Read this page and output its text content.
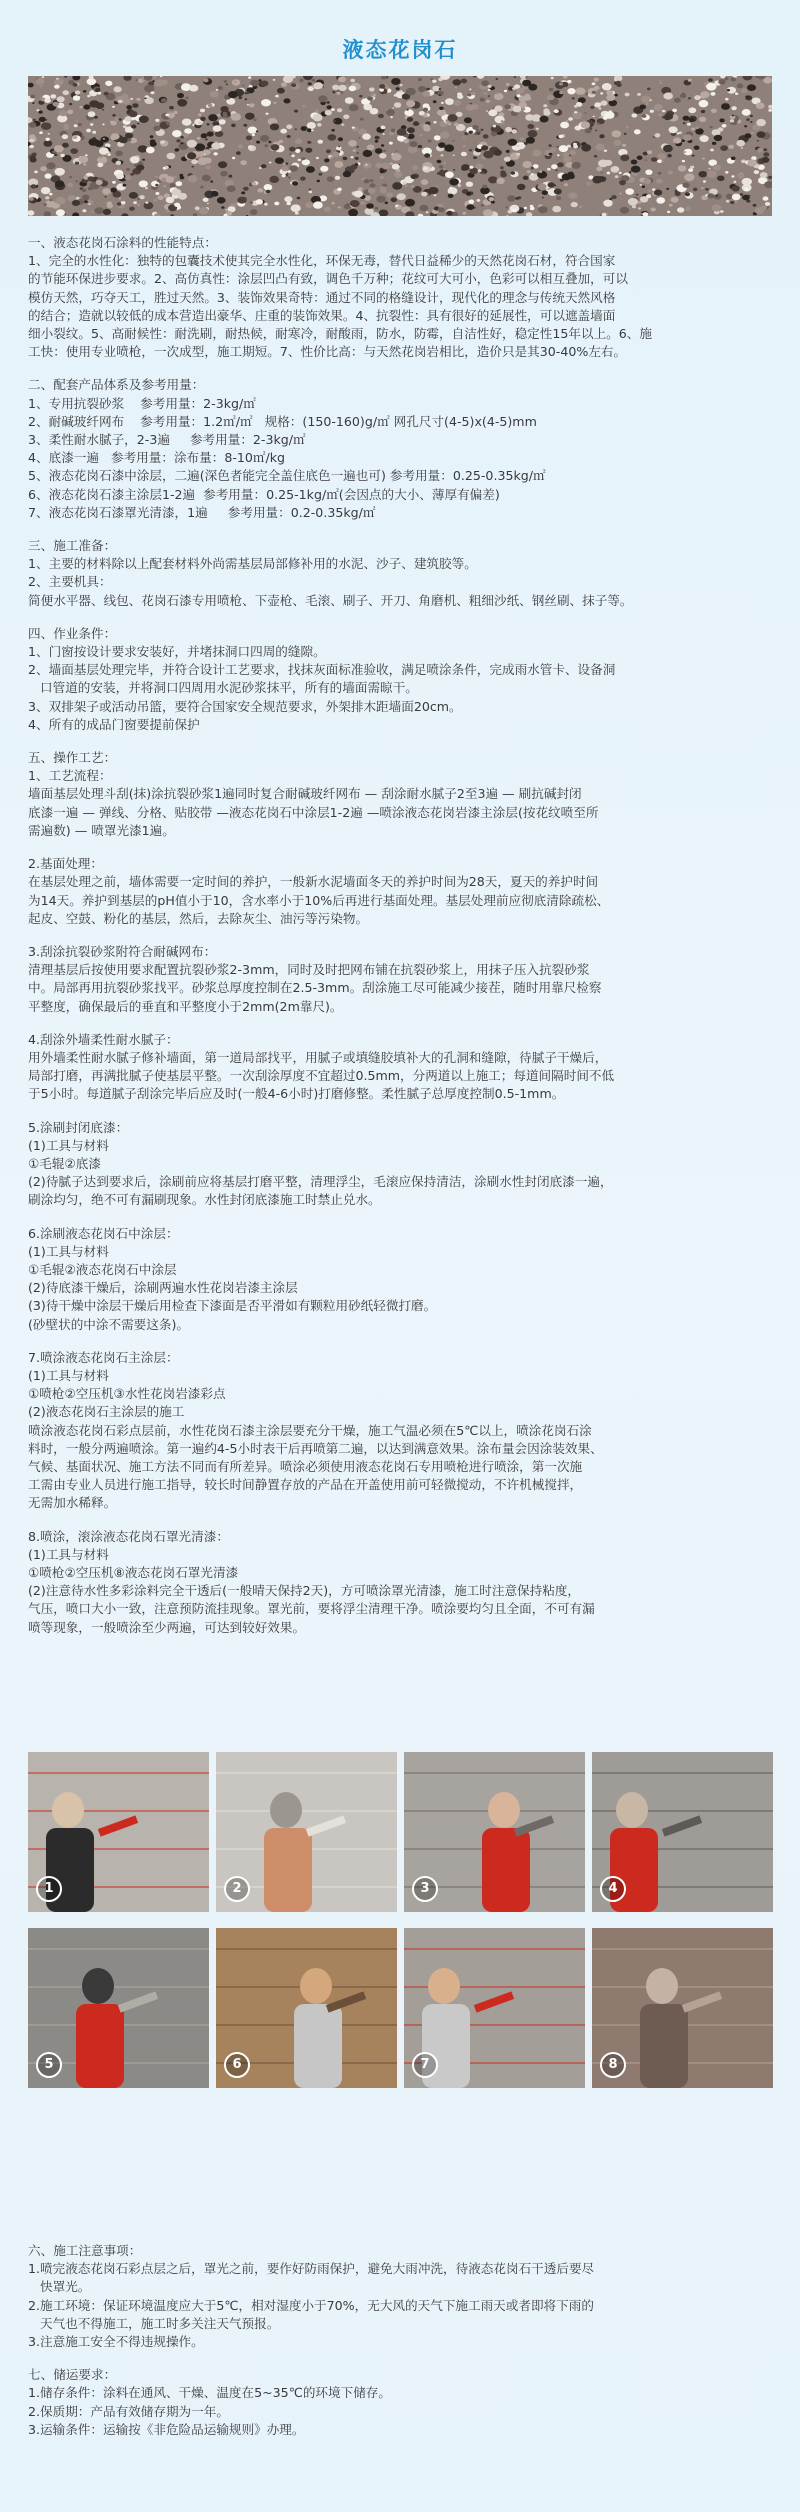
液态花岗石

一、液态花岗石涂料的性能特点：

1、完全的水性化：独特的包囊技术使其完全水性化，环保无毒，替代日益稀少的天然花岗石材，符合国家

的节能环保进步要求。2、高仿真性：涂层凹凸有致，调色千万种；花纹可大可小，色彩可以相互叠加，可以

模仿天然，巧夺天工，胜过天然。3、装饰效果奇特：通过不同的格缝设计，现代化的理念与传统天然风格

的结合；造就以较低的成本营造出豪华、庄重的装饰效果。4、抗裂性：具有很好的延展性，可以遮盖墙面

细小裂纹。5、高耐候性：耐洗刷，耐热候，耐寒冷，耐酸雨，防水，防霉，自洁性好，稳定性15年以上。6、施

工快：使用专业喷枪，一次成型，施工期短。7、性价比高：与天然花岗岩相比，造价只是其30-40%左右。

二、配套产品体系及参考用量：

1、专用抗裂砂浆    参考用量：2-3kg/㎡

2、耐碱玻纤网布    参考用量：1.2㎡/㎡   规格：(150-160)g/㎡ 网孔尺寸(4-5)x(4-5)mm

3、柔性耐水腻子，2-3遍     参考用量：2-3kg/㎡

4、底漆一遍   参考用量：涂布量：8-10㎡/kg

5、液态花岗石漆中涂层，二遍(深色者能完全盖住底色一遍也可) 参考用量：0.25-0.35kg/㎡

6、液态花岗石漆主涂层1-2遍  参考用量：0.25-1kg/㎡(会因点的大小、薄厚有偏差)

7、液态花岗石漆罩光清漆，1遍     参考用量：0.2-0.35kg/㎡

三、施工准备：

1、主要的材料除以上配套材料外尚需基层局部修补用的水泥、沙子、建筑胶等。

2、主要机具：

简便水平器、线包、花岗石漆专用喷枪、下壶枪、毛滚、刷子、开刀、角磨机、粗细沙纸、钢丝刷、抹子等。

四、作业条件：

1、门窗按设计要求安装好，并堵抹洞口四周的缝隙。

2、墙面基层处理完毕，并符合设计工艺要求，找抹灰面标准验收，满足喷涂条件，完成雨水管卡、设备洞

口管道的安装，并将洞口四周用水泥砂浆抹平，所有的墙面需晾干。

3、双排架子或活动吊篮，要符合国家安全规范要求，外架排木距墙面20cm。

4、所有的成品门窗要提前保护

五、操作工艺：

1、工艺流程：

墙面基层处理斗刮(抹)涂抗裂砂浆1遍同时复合耐碱玻纤网布 — 刮涂耐水腻子2至3遍 — 刷抗碱封闭

底漆一遍 — 弹线、分格、贴胶带 —液态花岗石中涂层1-2遍 —喷涂液态花岗岩漆主涂层(按花纹喷至所

需遍数) — 喷罩光漆1遍。

2.基面处理：

在基层处理之前，墙体需要一定时间的养护，一般新水泥墙面冬天的养护时间为28天，夏天的养护时间

为14天。养护到基层的pH值小于10，含水率小于10%后再进行基面处理。基层处理前应彻底清除疏松、

起皮、空鼓、粉化的基层，然后，去除灰尘、油污等污染物。

3.刮涂抗裂砂浆附符合耐碱网布：

清理基层后按使用要求配置抗裂砂浆2-3mm，同时及时把网布铺在抗裂砂浆上，用抹子压入抗裂砂浆

中。局部再用抗裂砂浆找平。砂浆总厚度控制在2.5-3mm。刮涂施工尽可能减少接茬，随时用靠尺检察

平整度，确保最后的垂直和平整度小于2mm(2m靠尺)。

4.刮涂外墙柔性耐水腻子：

用外墙柔性耐水腻子修补墙面，第一道局部找平，用腻子或填缝胶填补大的孔洞和缝隙，待腻子干燥后，

局部打磨，再满批腻子使基层平整。一次刮涂厚度不宜超过0.5mm，分两道以上施工；每道间隔时间不低

于5小时。每道腻子刮涂完毕后应及时(一般4-6小时)打磨修整。柔性腻子总厚度控制0.5-1mm。

5.涂刷封闭底漆：

(1)工具与材料

①毛辊②底漆

(2)待腻子达到要求后，涂刷前应将基层打磨平整，清理浮尘，毛滚应保持清洁，涂刷水性封闭底漆一遍，

刷涂均匀，绝不可有漏刷现象。水性封闭底漆施工时禁止兑水。

6.涂刷液态花岗石中涂层：

(1)工具与材料

①毛辊②液态花岗石中涂层

(2)待底漆干燥后，涂刷两遍水性花岗岩漆主涂层

(3)待干燥中涂层干燥后用检查下漆面是否平滑如有颗粒用砂纸轻微打磨。

(砂壁状的中涂不需要这条)。

7.喷涂液态花岗石主涂层：

(1)工具与材料

①喷枪②空压机③水性花岗岩漆彩点

(2)液态花岗石主涂层的施工

喷涂液态花岗石彩点层前，水性花岗石漆主涂层要充分干燥，施工气温必须在5℃以上，喷涂花岗石涂

料时，一般分两遍喷涂。第一遍约4-5小时表干后再喷第二遍，以达到满意效果。涂布量会因涂装效果、

气候、基面状况、施工方法不同而有所差异。喷涂必须使用液态花岗石专用喷枪进行喷涂，第一次施

工需由专业人员进行施工指导，较长时间静置存放的产品在开盖使用前可轻微搅动，不许机械搅拌，

无需加水稀释。

8.喷涂，滚涂液态花岗石罩光清漆：

(1)工具与材料

①喷枪②空压机⑧液态花岗石罩光清漆

(2)注意待水性多彩涂料完全干透后(一般晴天保持2天)，方可喷涂罩光清漆，施工时注意保持粘度，

气压，喷口大小一致，注意预防流挂现象。罩光前，要将浮尘清理干净。喷涂要均匀且全面，不可有漏

喷等现象，一般喷涂至少两遍，可达到较好效果。

1	2	3	4
5	6	7	8

六、施工注意事项：

1.喷完液态花岗石彩点层之后，罩光之前，要作好防雨保护，避免大雨冲洗，待液态花岗石干透后要尽

快罩光。

2.施工环境：保证环境温度应大于5℃，相对湿度小于70%，无大风的天气下施工雨天或者即将下雨的

天气也不得施工，施工时多关注天气预报。

3.注意施工安全不得违规操作。

七、储运要求：

1.储存条件：涂料在通风、干燥、温度在5~35℃的环境下储存。

2.保质期：产品有效储存期为一年。

3.运输条件：运输按《非危险品运输规则》办理。
